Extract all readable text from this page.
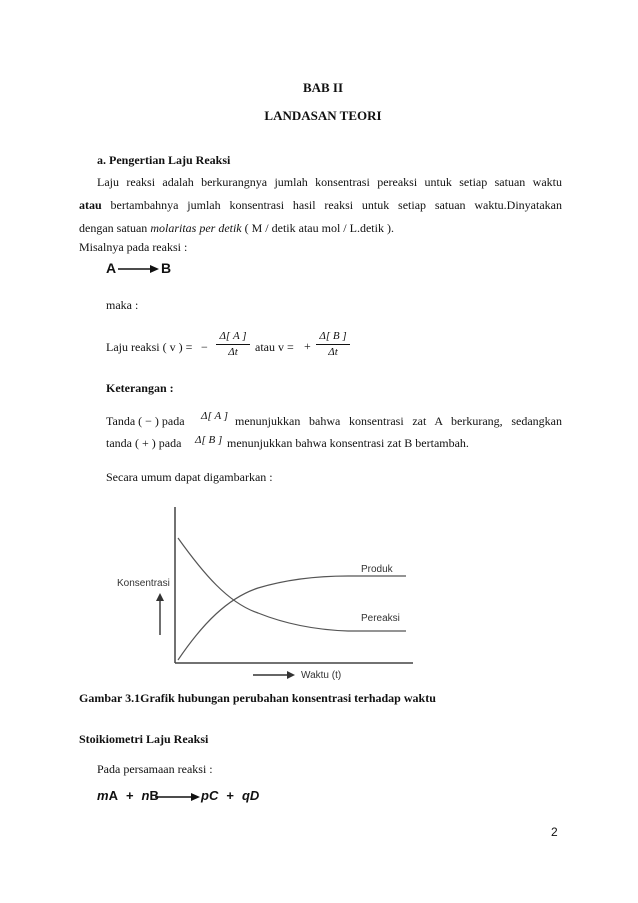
BAB II
LANDASAN TEORI
a. Pengertian Laju Reaksi
Laju reaksi adalah berkurangnya jumlah konsentrasi pereaksi untuk setiap satuan waktu
atau bertambahnya jumlah konsentrasi hasil reaksi untuk setiap satuan waktu.Dinyatakan
dengan satuan molaritas per detik ( M / detik atau mol / L.detik ).
Misalnya pada reaksi :
A → B
maka :
Laju reaksi ( v ) = −
Δ[ A ]
Δt	atau v = +
Δ[ B ]
Δt
Keterangan :
Tanda ( − ) pada Δ[ A ] menunjukkan bahwa konsentrasi zat A berkurang, sedangkan
tanda ( + ) pada Δ[ B ] menunjukkan bahwa konsentrasi zat B bertambah.
Secara umum dapat digambarkan :
Konsentrasi
Waktu (t)
Produk
Pereaksi
Gambar 3.1Grafik hubungan perubahan konsentrasi terhadap waktu
Stoikiometri Laju Reaksi
Pada persamaan reaksi :
mA + nB → pC + qD
2
